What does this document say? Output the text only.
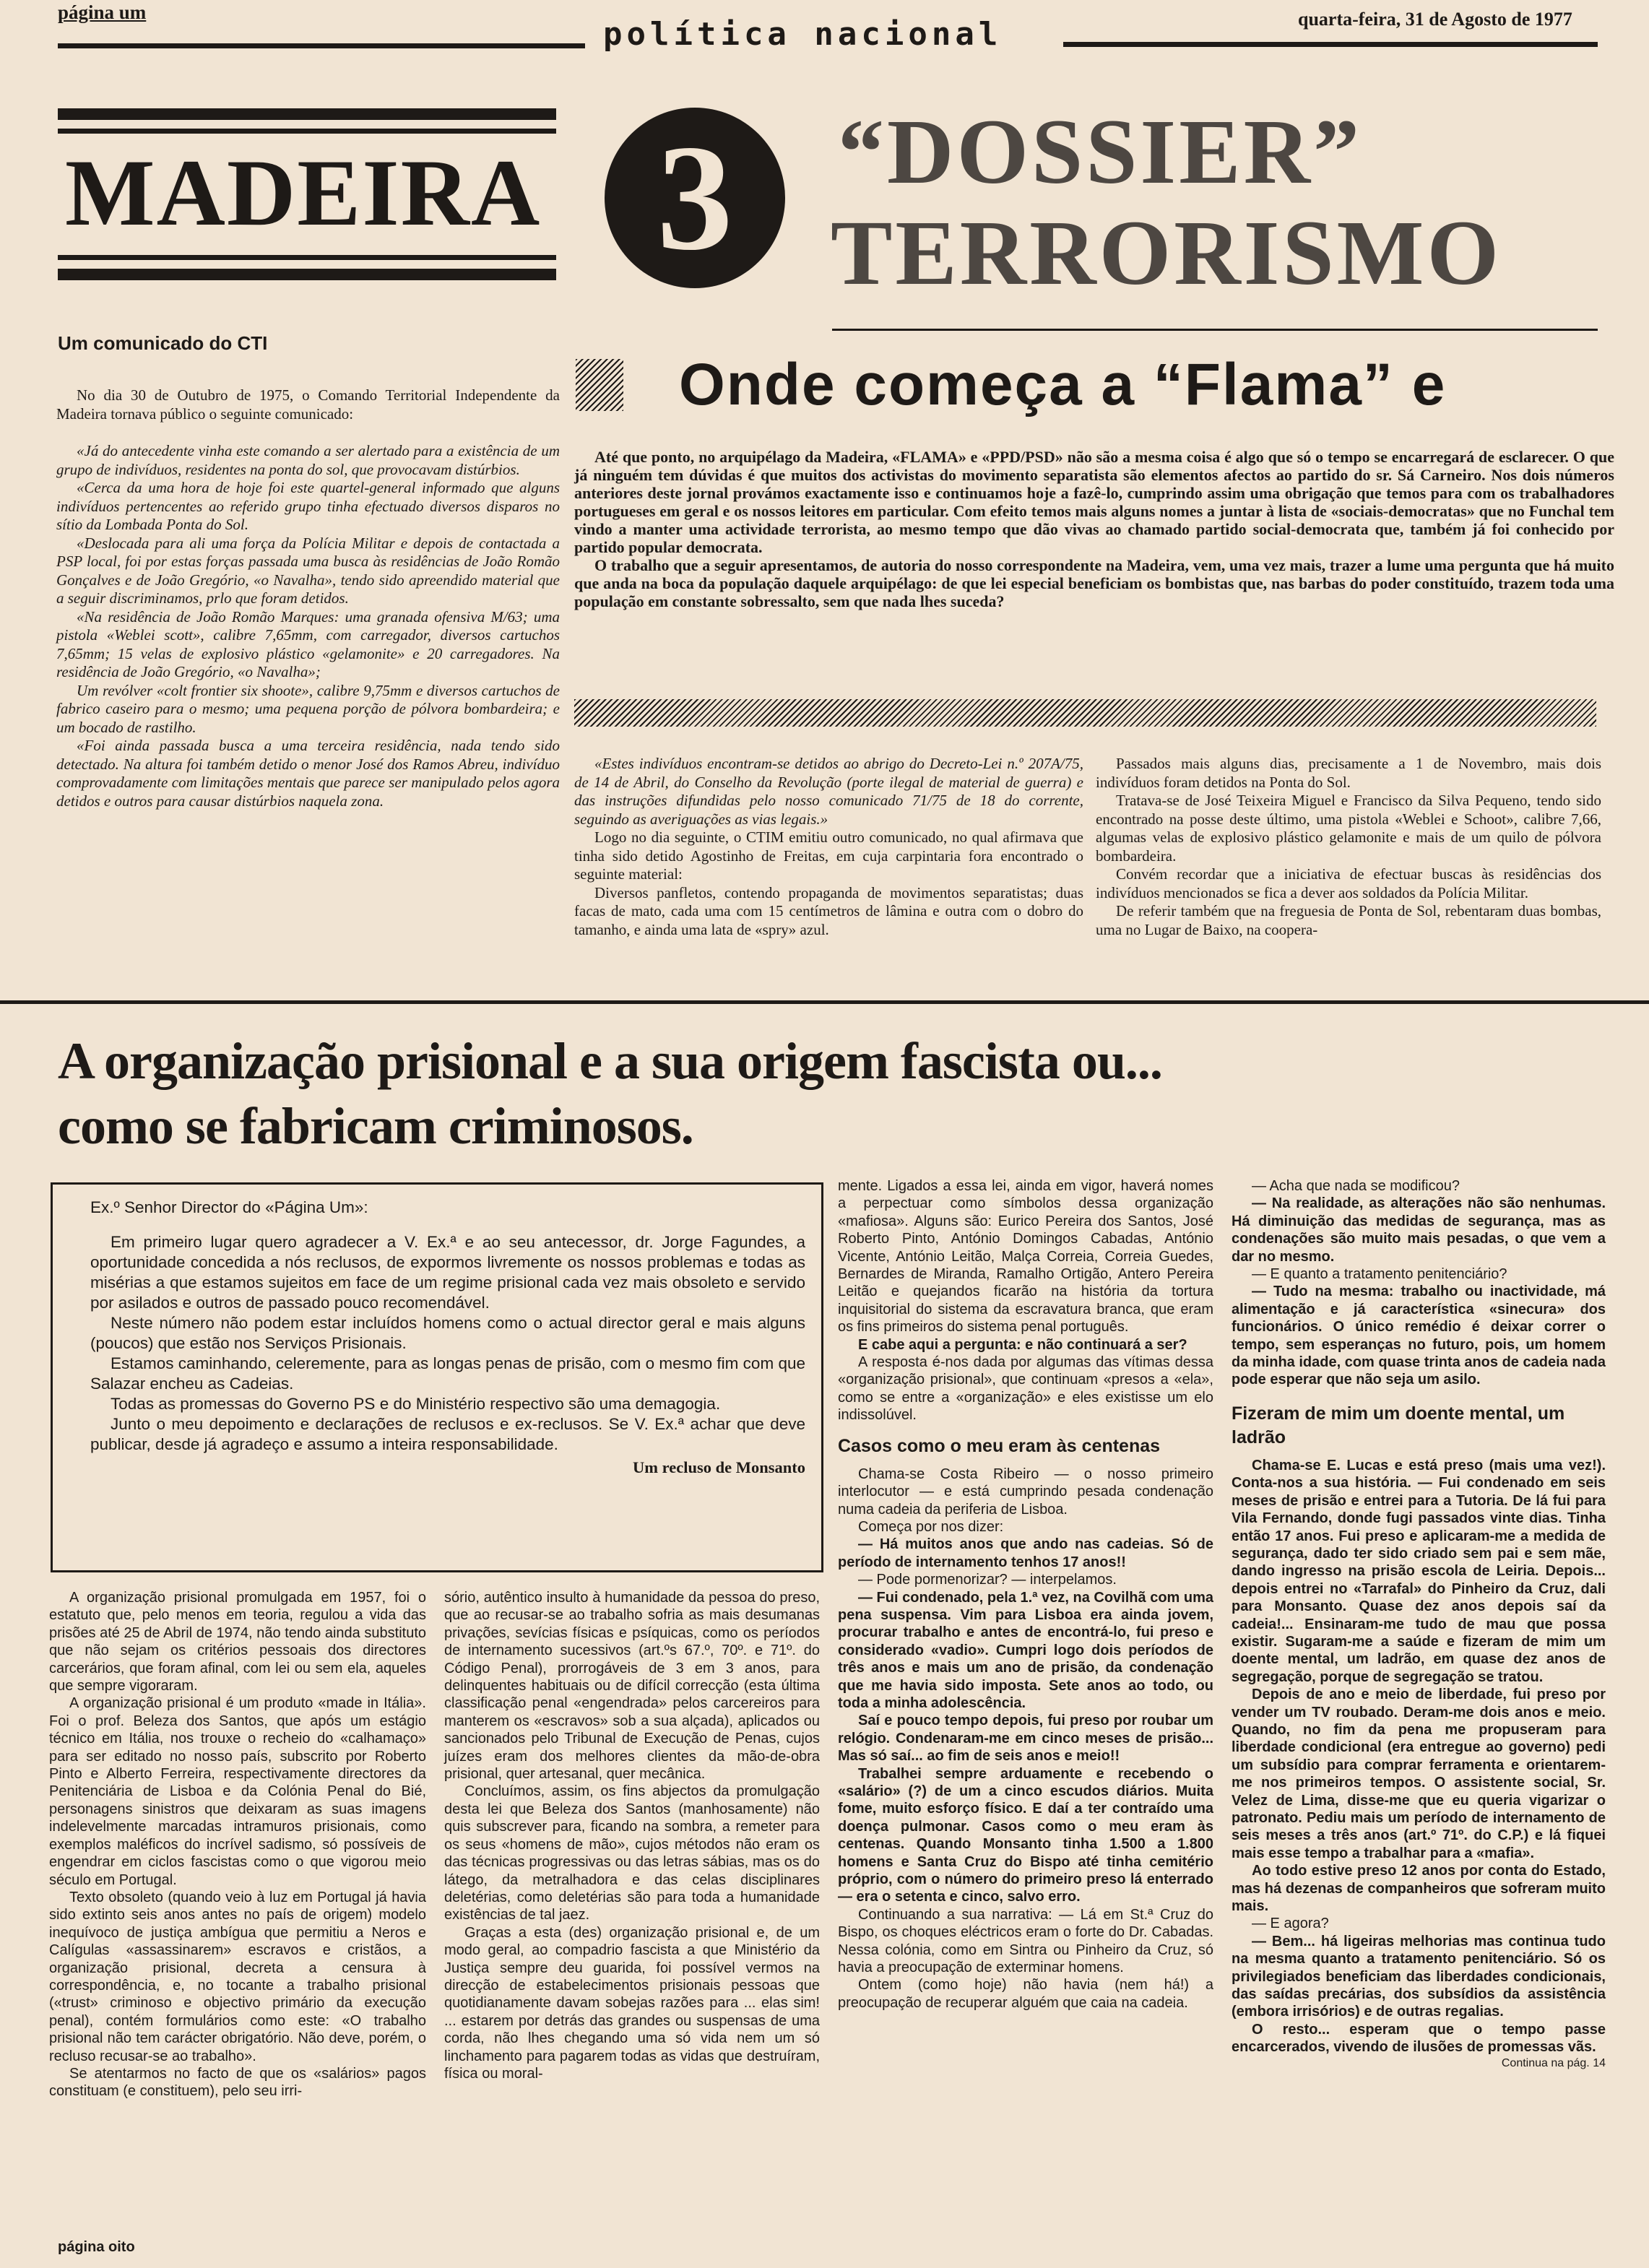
página um
política nacional	quarta-feira, 31 de Agosto de 1977
MADEIRA 3	“DOSSIER”
TERRORISMO
Um comunicado do CTI

No dia 30 de Outubro de 1975, o Comando Territorial Independente da Madeira tornava público o seguinte comunicado:

«Já do antecedente vinha este comando a ser alertado para a existência de um grupo de indivíduos, residentes na ponta do sol, que provocavam distúrbios.

«Cerca da uma hora de hoje foi este quartel-general informado que alguns indivíduos pertencentes ao referido grupo tinha efectuado diversos disparos no sítio da Lombada Ponta do Sol.

«Deslocada para ali uma força da Polícia Militar e depois de contactada a PSP local, foi por estas forças passada uma busca às residências de João Romão Gonçalves e de João Gregório, «o Navalha», tendo sido apreendido material que a seguir discriminamos, prlo que foram detidos.

«Na residência de João Romão Marques: uma granada ofensiva M/63; uma pistola «Weblei scott», calibre 7,65mm, com carregador, diversos cartuchos 7,65mm; 15 velas de explosivo plástico «gelamonite» e 20 carregadores. Na residência de João Gregório, «o Navalha»;

Um revólver «colt frontier six shoote», calibre 9,75mm e diversos cartuchos de fabrico caseiro para o mesmo; uma pequena porção de pólvora bombardeira; e um bocado de rastilho.

«Foi ainda passada busca a uma terceira residência, nada tendo sido detectado. Na altura foi também detido o menor José dos Ramos Abreu, indivíduo comprovadamente com limitações mentais que parece ser manipulado pelos agora detidos e outros para causar distúrbios naquela zona.

Onde começa a “Flama” e

Até que ponto, no arquipélago da Madeira, «FLAMA» e «PPD/PSD» não são a mesma coisa é algo que só o tempo se encarregará de esclarecer. O que já ninguém tem dúvidas é que muitos dos activistas do movimento separatista são elementos afectos ao partido do sr. Sá Carneiro. Nos dois números anteriores deste jornal provámos exactamente isso e continuamos hoje a fazê-lo, cumprindo assim uma obrigação que temos para com os trabalhadores portugueses em geral e os nossos leitores em particular. Com efeito temos mais alguns nomes a juntar à lista de «sociais-democratas» que no Funchal tem vindo a manter uma actividade terrorista, ao mesmo tempo que dão vivas ao chamado partido social-democrata que, também já foi conhecido por partido popular democrata.

O trabalho que a seguir apresentamos, de autoria do nosso correspondente na Madeira, vem, uma vez mais, trazer a lume uma pergunta que há muito que anda na boca da população daquele arquipélago: de que lei especial beneficiam os bombistas que, nas barbas do poder constituído, trazem toda uma população em constante sobressalto, sem que nada lhes suceda?

«Estes indivíduos encontram-se detidos ao abrigo do Decreto-Lei n.º 207A/75, de 14 de Abril, do Conselho da Revolução (porte ilegal de material de guerra) e das instruções difundidas pelo nosso comunicado 71/75 de 18 do corrente, seguindo as averiguações as vias legais.»

Logo no dia seguinte, o CTIM emitiu outro comunicado, no qual afirmava que tinha sido detido Agostinho de Freitas, em cuja carpintaria fora encontrado o seguinte material:

Diversos panfletos, contendo propaganda de movimentos separatistas; duas facas de mato, cada uma com 15 centímetros de lâmina e outra com o dobro do tamanho, e ainda uma lata de «spry» azul.

Passados mais alguns dias, precisamente a 1 de Novembro, mais dois indivíduos foram detidos na Ponta do Sol.

Tratava-se de José Teixeira Miguel e Francisco da Silva Pequeno, tendo sido encontrado na posse deste último, uma pistola «Weblei e Schoot», calibre 7,66, algumas velas de explosivo plástico gelamonite e mais de um quilo de pólvora bombardeira.

Convém recordar que a iniciativa de efectuar buscas às residências dos indivíduos mencionados se fica a dever aos soldados da Polícia Militar.

De referir também que na freguesia de Ponta de Sol, rebentaram duas bombas, uma no Lugar de Baixo, na coopera-

A organização prisional e a sua origem fascista ou...
como se fabricam criminosos.
Ex.º Senhor Director do «Página Um»:

Em primeiro lugar quero agradecer a V. Ex.ª e ao seu antecessor, dr. Jorge Fagundes, a oportunidade concedida a nós reclusos, de expormos livremente os nossos problemas e todas as misérias a que estamos sujeitos em face de um regime prisional cada vez mais obsoleto e servido por asilados e outros de passado pouco recomendável.

Neste número não podem estar incluídos homens como o actual director geral e mais alguns (poucos) que estão nos Serviços Prisionais.

Estamos caminhando, celeremente, para as longas penas de prisão, com o mesmo fim com que Salazar encheu as Cadeias.

Todas as promessas do Governo PS e do Ministério respectivo são uma demagogia.

Junto o meu depoimento e declarações de reclusos e ex-reclusos. Se V. Ex.ª achar que deve publicar, desde já agradeço e assumo a inteira responsabilidade.

Um recluso de Monsanto

A organização prisional promulgada em 1957, foi o estatuto que, pelo menos em teoria, regulou a vida das prisões até 25 de Abril de 1974, não tendo ainda substituto que não sejam os critérios pessoais dos directores carcerários, que foram afinal, com lei ou sem ela, aqueles que sempre vigoraram.

A organização prisional é um produto «made in Itália». Foi o prof. Beleza dos Santos, que após um estágio técnico em Itália, nos trouxe o recheio do «calhamaço» para ser editado no nosso país, subscrito por Roberto Pinto e Alberto Ferreira, respectivamente directores da Penitenciária de Lisboa e da Colónia Penal do Bié, personagens sinistros que deixaram as suas imagens indelevelmente marcadas intramuros prisionais, como exemplos maléficos do incrível sadismo, só possíveis de engendrar em ciclos fascistas como o que vigorou meio século em Portugal.

Texto obsoleto (quando veio à luz em Portugal já havia sido extinto seis anos antes no país de origem) modelo inequívoco de justiça ambígua que permitiu a Neros e Calígulas «assassinarem» escravos e cristãos, a organização prisional, decreta a censura à correspondência, e, no tocante a trabalho prisional («trust» criminoso e objectivo primário da execução penal), contém formulários como este: «O trabalho prisional não tem carácter obrigatório. Não deve, porém, o recluso recusar-se ao trabalho».

Se atentarmos no facto de que os «salários» pagos constituam (e constituem), pelo seu irri-

sório, autêntico insulto à humanidade da pessoa do preso, que ao recusar-se ao trabalho sofria as mais desumanas privações, sevícias físicas e psíquicas, como os períodos de internamento sucessivos (art.ºs 67.º, 70º. e 71º. do Código Penal), prorrogáveis de 3 em 3 anos, para delinquentes habituais ou de difícil correcção (esta última classificação penal «engendrada» pelos carcereiros para manterem os «escravos» sob a sua alçada), aplicados ou sancionados pelo Tribunal de Execução de Penas, cujos juízes eram dos melhores clientes da mão-de-obra prisional, quer artesanal, quer mecânica.

Concluímos, assim, os fins abjectos da promulgação desta lei que Beleza dos Santos (manhosamente) não quis subscrever para, ficando na sombra, a remeter para os seus «homens de mão», cujos métodos não eram os das técnicas progressivas ou das letras sábias, mas os do látego, da metralhadora e das celas disciplinares deletérias, como deletérias são para toda a humanidade existências de tal jaez.

Graças a esta (des) organização prisional e, de um modo geral, ao compadrio fascista a que Ministério da Justiça sempre deu guarida, foi possível vermos na direcção de estabelecimentos prisionais pessoas que quotidianamente davam sobejas razões para ... elas sim! ... estarem por detrás das grandes ou suspensas de uma corda, não lhes chegando uma só vida nem um só linchamento para pagarem todas as vidas que destruíram, física ou moral-

mente. Ligados a essa lei, ainda em vigor, haverá nomes a perpectuar como símbolos dessa organização «mafiosa». Alguns são: Eurico Pereira dos Santos, José Roberto Pinto, António Domingos Cabadas, António Vicente, António Leitão, Malça Correia, Correia Guedes, Bernardes de Miranda, Ramalho Ortigão, Antero Pereira Leitão e quejandos ficarão na história da tortura inquisitorial do sistema da escravatura branca, que eram os fins primeiros do sistema penal português.

E cabe aqui a pergunta: e não continuará a ser?

A resposta é-nos dada por algumas das vítimas dessa «organização prisional», que continuam «presos a «ela», como se entre a «organização» e eles existisse um elo indissolúvel.

Casos como o meu eram às centenas

Chama-se Costa Ribeiro — o nosso primeiro interlocutor — e está cumprindo pesada condenação numa cadeia da periferia de Lisboa.

Começa por nos dizer:

— Há muitos anos que ando nas cadeias. Só de período de internamento tenhos 17 anos!!

— Pode pormenorizar? — interpelamos.

— Fui condenado, pela 1.ª vez, na Covilhã com uma pena suspensa. Vim para Lisboa era ainda jovem, procurar trabalho e antes de encontrá-lo, fui preso e considerado «vadio». Cumpri logo dois períodos de três anos e mais um ano de prisão, da condenação que me havia sido imposta. Sete anos ao todo, ou toda a minha adolescência.

Saí e pouco tempo depois, fui preso por roubar um relógio. Condenaram-me em cinco meses de prisão... Mas só saí... ao fim de seis anos e meio!!

Trabalhei sempre arduamente e recebendo o «salário» (?) de um a cinco escudos diários. Muita fome, muito esforço físico. E daí a ter contraído uma doença pulmonar. Casos como o meu eram às centenas. Quando Monsanto tinha 1.500 a 1.800 homens e Santa Cruz do Bispo até tinha cemitério próprio, com o número do primeiro preso lá enterrado — era o setenta e cinco, salvo erro.

Continuando a sua narrativa: — Lá em St.ª Cruz do Bispo, os choques eléctricos eram o forte do Dr. Cabadas. Nessa colónia, como em Sintra ou Pinheiro da Cruz, só havia a preocupação de exterminar homens.

Ontem (como hoje) não havia (nem há!) a preocupação de recuperar alguém que caia na cadeia.

— Acha que nada se modificou?

— Na realidade, as alterações não são nenhumas. Há diminuição das medidas de segurança, mas as condenações são muito mais pesadas, o que vem a dar no mesmo.

— E quanto a tratamento penitenciário?

— Tudo na mesma: trabalho ou inactividade, má alimentação e já característica «sinecura» dos funcionários. O único remédio é deixar correr o tempo, sem esperanças no futuro, pois, um homem da minha idade, com quase trinta anos de cadeia nada pode esperar que não seja um asilo.

Fizeram de mim um doente mental, um ladrão

Chama-se E. Lucas e está preso (mais uma vez!). Conta-nos a sua história. — Fui condenado em seis meses de prisão e entrei para a Tutoria. De lá fui para Vila Fernando, donde fugi passados vinte dias. Tinha então 17 anos. Fui preso e aplicaram-me a medida de segurança, dado ter sido criado sem pai e sem mãe, dando ingresso na prisão escola de Leiria. Depois... depois entrei no «Tarrafal» do Pinheiro da Cruz, dali para Monsanto. Quase dez anos depois saí da cadeia!... Ensinaram-me tudo de mau que possa existir. Sugaram-me a saúde e fizeram de mim um doente mental, um ladrão, em quase dez anos de segregação, porque de segregação se tratou.

Depois de ano e meio de liberdade, fui preso por vender um TV roubado. Deram-me dois anos e meio. Quando, no fim da pena me propuseram para liberdade condicional (era entregue ao governo) pedi um subsídio para comprar ferramenta e orientarem-me nos primeiros tempos. O assistente social, Sr. Velez de Lima, disse-me que eu queria vigarizar o patronato. Pediu mais um período de internamento de seis meses a três anos (art.º 71º. do C.P.) e lá fiquei mais esse tempo a trabalhar para a «mafia».

Ao todo estive preso 12 anos por conta do Estado, mas há dezenas de companheiros que sofreram muito mais.

— E agora?

— Bem... há ligeiras melhorias mas continua tudo na mesma quanto a tratamento penitenciário. Só os privilegiados beneficiam das liberdades condicionais, das saídas precárias, dos subsídios da assistência (embora irrisórios) e de outras regalias.

O resto... esperam que o tempo passe encarcerados, vivendo de ilusões de promessas vãs.

Continua na pág. 14
página oito
